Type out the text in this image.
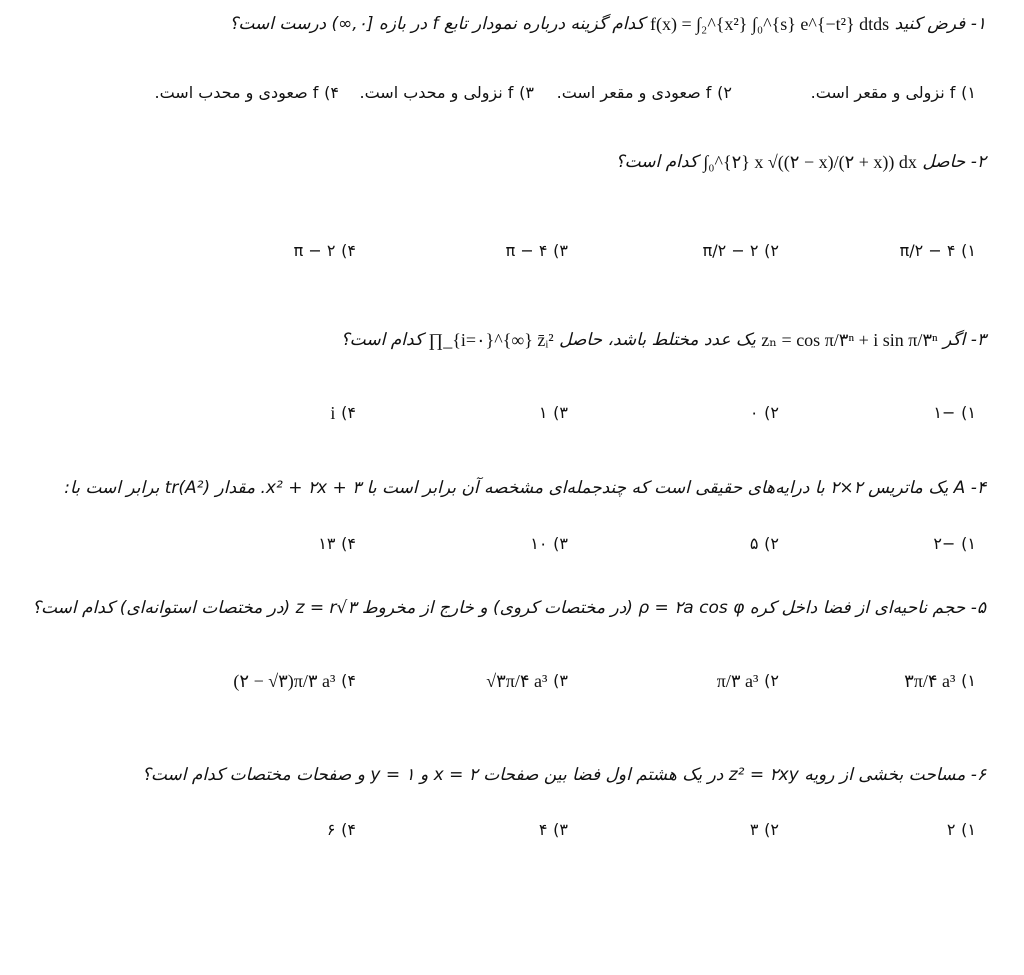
۱- فرض کنید f(x) = ∫₂^{x²} ∫₀^{s} e^{−t²} dtds کدام گزینه درباره نمودار تابع f در بازه [۰,∞) درست است؟
۱) f نزولی و مقعر است.
۲) f صعودی و مقعر است.
۳) f نزولی و محدب است.
۴) f صعودی و محدب است.
۲- حاصل ∫₀^{۲} x √((۲ − x)/(۲ + x)) dx کدام است؟
۱) ۴ − π/۲
۲) ۲ − π/۲
۳) ۴ − π
۴) ۲ − π
۳- اگر zₙ = cos π/۳ⁿ + i sin π/۳ⁿ یک عدد مختلط باشد، حاصل ∏_{i=۰}^{∞} z̄ᵢ² کدام است؟
۱) −۱
۲) ۰
۳) ۱
۴) i
۴- A یک ماتریس ۲×۲ با درایه‌های حقیقی است که چندجمله‌ای مشخصه آن برابر است با x² + ۲x + ۳. مقدار tr(A²) برابر است با:
۱) −۲
۲) ۵
۳) ۱۰
۴) ۱۳
۵- حجم ناحیه‌ای از فضا داخل کره ρ = ۲a cos φ (در مختصات کروی) و خارج از مخروط z = r√۳ (در مختصات استوانه‌ای) کدام است؟
۱) ۳π/۴ a³
۲) π/۳ a³
۳) √۳π/۴ a³
۴) (۲ − √۳)π/۳ a³
۶- مساحت بخشی از رویه z² = ۲xy در یک هشتم اول فضا بین صفحات x = ۲ و y = ۱ و صفحات مختصات کدام است؟
۱) ۲
۲) ۳
۳) ۴
۴) ۶
